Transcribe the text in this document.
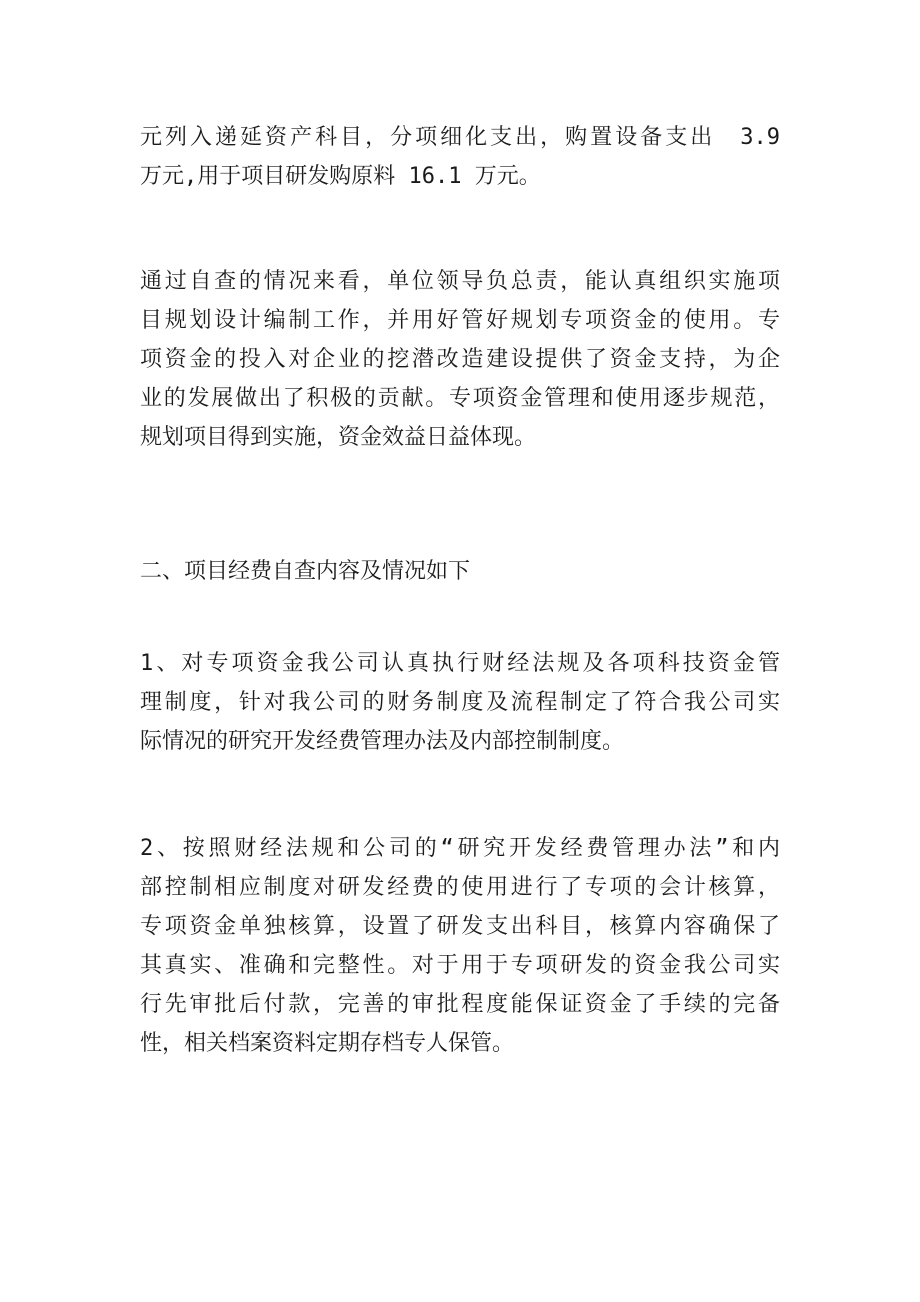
元列入递延资产科目，分项细化支出，购置设备支出　3.9
万元,用于项目研发购原料 16.1 万元。

通过自查的情况来看，单位领导负总责，能认真组织实施项
目规划设计编制工作，并用好管好规划专项资金的使用。专
项资金的投入对企业的挖潜改造建设提供了资金支持，为企
业的发展做出了积极的贡献。专项资金管理和使用逐步规范，
规划项目得到实施，资金效益日益体现。

二、项目经费自查内容及情况如下

1、对专项资金我公司认真执行财经法规及各项科技资金管
理制度，针对我公司的财务制度及流程制定了符合我公司实
际情况的研究开发经费管理办法及内部控制制度。

2、按照财经法规和公司的“研究开发经费管理办法”和内
部控制相应制度对研发经费的使用进行了专项的会计核算，
专项资金单独核算，设置了研发支出科目，核算内容确保了
其真实、准确和完整性。对于用于专项研发的资金我公司实
行先审批后付款，完善的审批程度能保证资金了手续的完备
性，相关档案资料定期存档专人保管。
